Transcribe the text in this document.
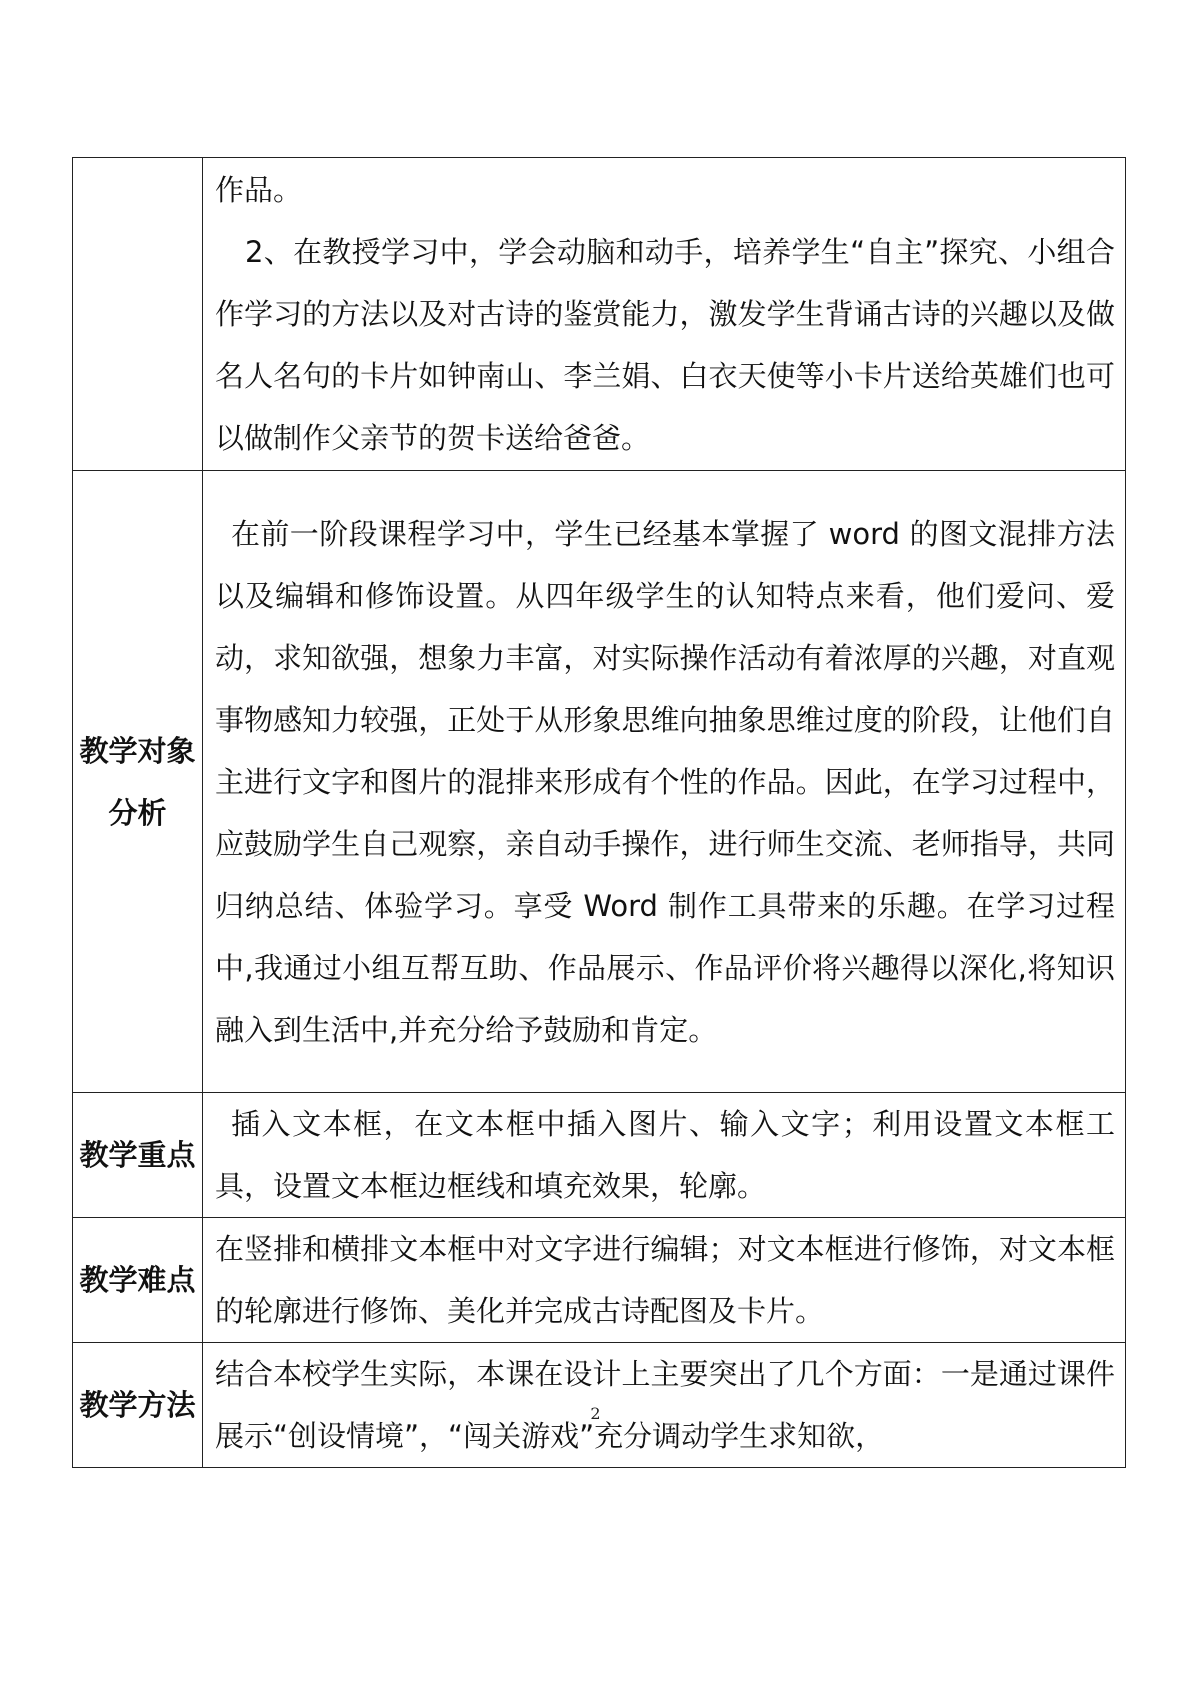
	作品。

2、在教授学习中，学会动脑和动手，培养学生“自主”探究、小组合作学习的方法以及对古诗的鉴赏能力，激发学生背诵古诗的兴趣以及做名人名句的卡片如钟南山、李兰娟、白衣天使等小卡片送给英雄们也可以做制作父亲节的贺卡送给爸爸。

教学对象分析	在前一阶段课程学习中，学生已经基本掌握了 word 的图文混排方法以及编辑和修饰设置。从四年级学生的认知特点来看，他们爱问、爱动，求知欲强，想象力丰富，对实际操作活动有着浓厚的兴趣，对直观事物感知力较强，正处于从形象思维向抽象思维过度的阶段，让他们自主进行文字和图片的混排来形成有个性的作品。因此，在学习过程中，应鼓励学生自己观察，亲自动手操作，进行师生交流、老师指导，共同归纳总结、体验学习。享受 Word 制作工具带来的乐趣。在学习过程中,我通过小组互帮互助、作品展示、作品评价将兴趣得以深化,将知识融入到生活中,并充分给予鼓励和肯定。

教学重点	插入文本框，在文本框中插入图片、输入文字；利用设置文本框工具，设置文本框边框线和填充效果，轮廓。

教学难点	在竖排和横排文本框中对文字进行编辑；对文本框进行修饰，对文本框的轮廓进行修饰、美化并完成古诗配图及卡片。

教学方法	结合本校学生实际，本课在设计上主要突出了几个方面：一是通过课件展示“创设情境”，“闯关游戏”充分调动学生求知欲，

2
